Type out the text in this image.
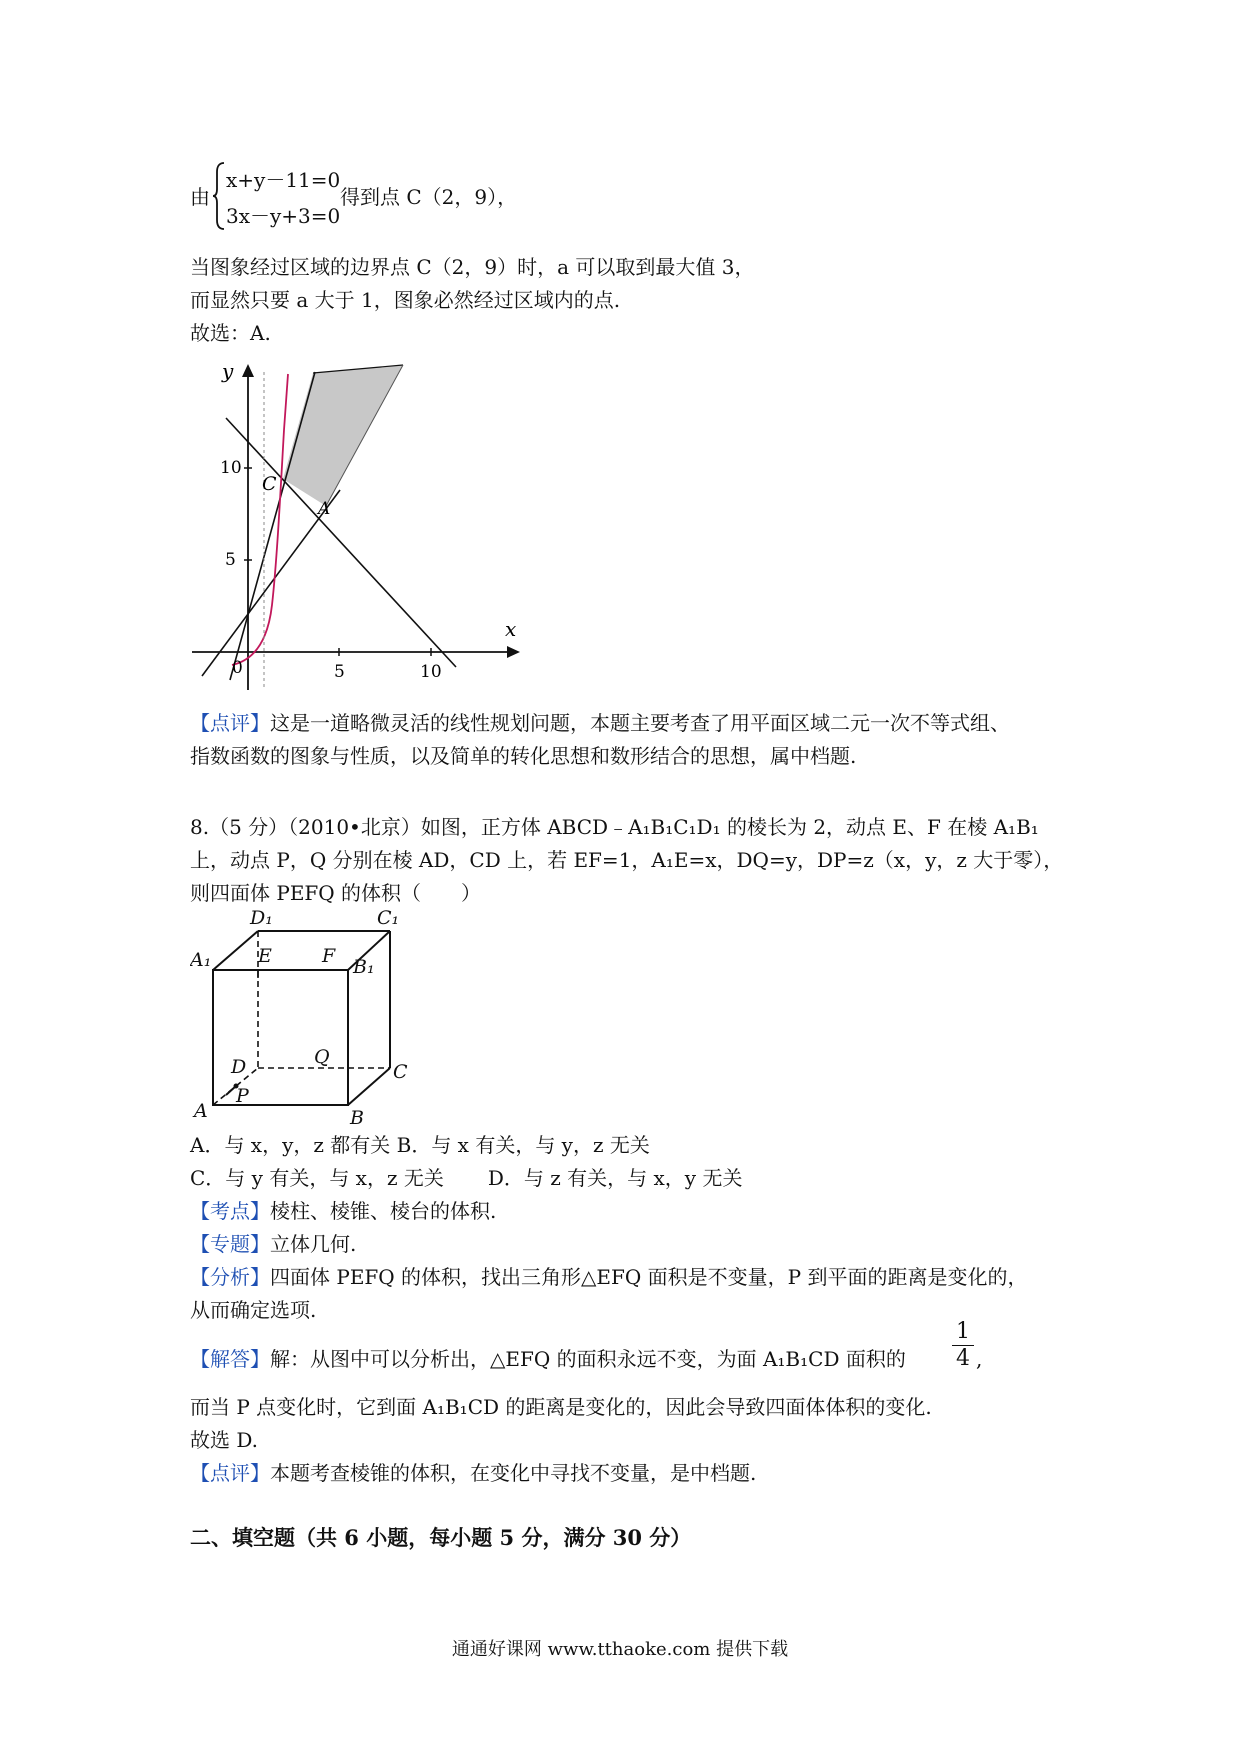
由
x+y－11=0
3x－y+3=0
得到点 C（2，9），
当图象经过区域的边界点 C（2，9）时，a 可以取到最大值 3，
而显然只要 a 大于 1，图象必然经过区域内的点.
故选：A.
y
x
0
5
10
5	10
C
A
【点评】这是一道略微灵活的线性规划问题，本题主要考查了用平面区域二元一次不等式组、
指数函数的图象与性质，以及简单的转化思想和数形结合的思想，属中档题.
8.（5 分）（2010•北京）如图，正方体 ABCD﹣A₁B₁C₁D₁ 的棱长为 2，动点 E、F 在棱 A₁B₁
上，动点 P，Q 分别在棱 AD，CD 上，若 EF=1，A₁E=x，DQ=y，DP=z（x，y，z 大于零），
则四面体 PEFQ 的体积（　　）
D₁	C₁
A₁	B₁
E	F
Q
D	C
P
A	B
A．与 x，y，z 都有关 B．与 x 有关，与 y，z 无关
C．与 y 有关，与 x，z 无关 D．与 z 有关，与 x，y 无关
【考点】棱柱、棱锥、棱台的体积.
【专题】立体几何.
【分析】四面体 PEFQ 的体积，找出三角形△EFQ 面积是不变量，P 到平面的距离是变化的，
从而确定选项.
【解答】解：从图中可以分析出，△EFQ 的面积永远不变，为面 A₁B₁CD 面积的
1
4 ,
而当 P 点变化时，它到面 A₁B₁CD 的距离是变化的，因此会导致四面体体积的变化.
故选 D.
【点评】本题考查棱锥的体积，在变化中寻找不变量，是中档题.
二、填空题（共 6 小题，每小题 5 分，满分 30 分）
通通好课网 www.tthaoke.com 提供下载
